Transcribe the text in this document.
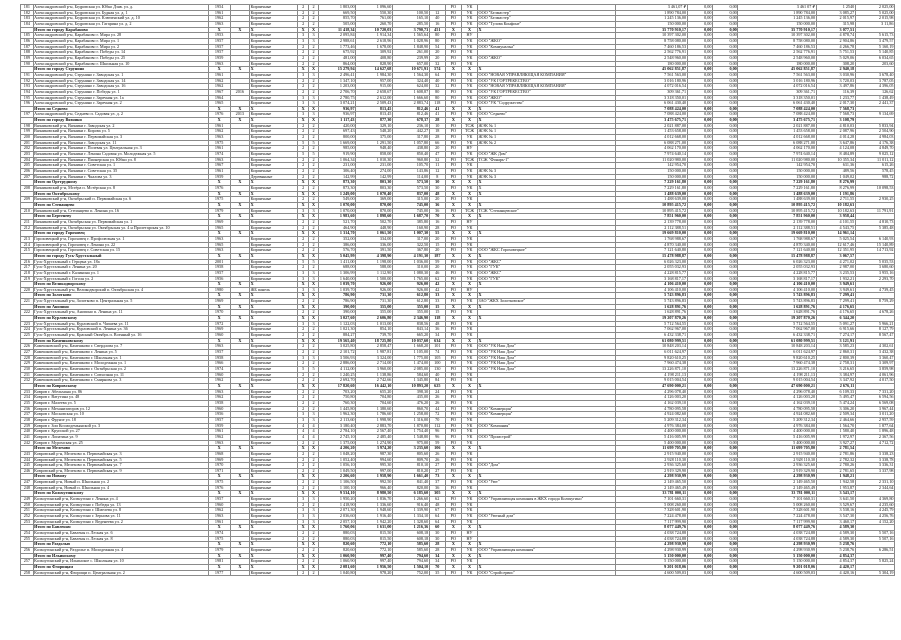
181	Александровский р-н, Бедровская ул. Юбко Дзяв. ул. д.	1954		Кирпичные	2	2	1 803,00	1 096,60			РО	УК		3 461,07 ₽	0,00	0,00	3 461 07 ₽	1 2540	2 025,00
182	Александровский р-н, Бедровская ул. Будная ул. д. 1	1961		Кирпичные	2	2	669,50	550,30	100,50	12	РО	УК	ООО "Белмастер"	1 890 784,00	0,00	0,00	1 890 784,00	3 085,27	5 025,00
183	Александровский р-н, Бедровская ул. Ключенский ул. д. 10	1962		Кирпичные	2	2	855,70	761,00	165,10	40	РО	УК	ООО "Белмастер"	1 245 136,00	0,00	0,00	1 245 136,00	2 015,97	2 015,98
184	Александровский р-н, Бедровская ул. Гагарина ул. д. 2	1963		Кирпичные	2	2	505,00	260,70	285,50	16	РО	УК	ООО "Тулова Конфоне"	150 000,00	0,00	0,00	150 000,00	315,98	3 11,86
	Итого по городу Карабаново	X	X	X	X	X	11 418,34	10 720,03	3 790,73	451	X	X	X	35 770 910,17	0,00	0,00	35 770 910,17	3 077,51	
185	Александровский р-н, Карабаново г. Мира ул. 28	1953		Кирпичные	3	3	2 095,84	1 914,34	1 565,64	80	РО	НУ		10 397 302,00	0,00	0,00	10 397 302,00	4 878,74	5 615,73
186	Александровский р-н, Карабаново г. Мира ул. 1	1957		Кирпичные	3	3	2 988,61	2 618,96	1 028,96	80	РО	УК	ООО "ЖКО"	8 758 080,00	0,00	0,00	8 758 080,00	2 904,86	3 479,57
187	Александровский р-н, Карабаново г. Мира ул. 2	1957		Кирпичные	2	2	1 773,46	1 678,00	1 848,90	54	РО	УК	ООО "Коммунальн"	7 460 186,53	0,00	0,00	7 460 186,53	4 266,78	5 160,19
188	Александровский р-н, Карабаново г. Победы ул. 14	1957		Кирпичные	2	2	675,92	309,92	261,00	20	РО	УК		2 562 776,91	0,00	0,00	2 562 776,91	5 751,53	5 140,85
189	Александровский р-н, Карабаново г. Победы ул. 25	1959		Кирпичные	2	2	481,00	408,80	239,99	20	РО	УК	ООО "ЖКО"	2 548 960,00	0,00	0,00	2 548 960,00	5 029,06	6 034,65
190	Александровский р-н, Карабаново г. Школьная ул. 10	1963		Кирпичные	2	2	864,00	828,90	657,00	32	РО	УК		180 000,00	0,00	0,00	180 000,00	308,20	203,60
	Итого по городу Струнино	X	X	X	X	X	15 279,94	14 627,68	10 671,91	574	X	X	X	45 062 851,87	0,00	0,00	45 062 851,87	2 940,18	
191	Александровский р-н, Струнино г. Заводская ул. 1	1961		Кирпичные	3	3	2 496,41	1 984,30	1 564,30	64	РО	УК	ООО "НОВАЯ УПРАВЛЯЮЩАЯ КОМПАНИЯ"	7 561 563,00	0,00	0,00	7 561 563,00	3 030,96	3 678,40
192	Александровский р-н, Струнино г. Заводская ул. 14	1962		Кирпичные	2	2	1 347,10	957,00	324,40	40	РО	УК	ООО "УК ГОРТРЕКЕСТВО"	3 016 180,96	0,00	0,00	3 016 180,96	3 720,03	3 787,05
193	Александровский р-н, Струнино г. Заводская ул. 16	1962		Кирпичные	2	2	1 203,00	915,00	624,00	32	РО	УК	ООО "НОВАЯ УПРАВЛЯЮЩАЯ КОМПАНИЯ"	4 072 016,54	0,00	0,00	4 072 016,54	3 497,86	4 396,05
194	Александровский р-н, Струнино г. Победы ул. 1	1967	2016	Кирпичные	2	2	2 706,70	2 658,67	1 608,87	80	РО	УК	ООО "УК ГОРТРЕКЕСТВО"	309 361,71	0,00	0,00	309 361,71	116,39	126,62
195	Александровский р-н, Струнино г. Заречная ул. 1а	1964		Кирпичные	3	3	2 780,75	2 612,00	1 666,60	80	РО	УК	ООО "ЖКО"	3 318 350,01	0,00	0,00	3 318 350,01	1 233,77	1 438,49
196	Александровский р-н, Струнино г. Заречная ул. 2	1965		Кирпичные	3	3	3 074,21	2 509,43	2 883,74	118	РО	УК	ООО "УК "Содружество"	6 061 430,40	0,00	0,00	6 061 430,40	2 017,30	2 441,37
	Итого по Седнево	X	X	X	X	X	936,97	813,45	812,46	41	X	X	X	7 088 424,00	0,00	0,00	7 088 424,00	7 568,73	
197	Александровский р-н, Седнево п. Садовая ул. д. 2	1976	2013	Кирпичные	3	3	936,97	813,45	812,46	41	РО	УК	ООО "Седнево"	7 088 424,00	0,00	0,00	7 088 424,00	7 568,73	9 134,69
	Итого по городу Вязники	X	X	X	X	X	1 117,43	877,30	678,37	28	X	X	X	3 475 675,71	0,00	0,00	3 475 675,71	3 108,79	
198	Вязниковский р-н, Вязники г. Заводская ул. 2	1961		Кирпичные	2	2	420,00	329,10	236,10	10	РО	ТСЖ	ЖЭК № 1	2 021 887,00	0,00	0,00	2 021 887,00	4 810,03	5 833,94
199	Вязниковский р-н, Вязники г. Кирова ул. 5	1962		Кирпичные	2	2	697,43	548,20	442,27	18	РО	ТСЖ	ЖЭК № 1	1 453 658,00	0,00	0,00	1 453 658,00	2 087,96	2 504,90
200	Вязниковский р-н, Вязники г. Первомайская ул. 3	1963		Кирпичные	2	2	800,00	375,00	317,80	28	РО	УК	ЖЭК № 1	4 012 668,00	0,00	0,00	4 012 668,00	4 014,28	4 984,03
201	Вязниковский р-н, Вязники г. Заводская ул. 11	1975		Кирпичные	5	5	1 669,00	1 291,50	1 057,80	66	РО	УК	ЖЭК № 2	6 088 271,00	0,00	0,00	6 088 271,00	3 647,86	4 176,38
202	Вязниковский р-н, Вязники г. Полевая ул. Центральная ул. 3	1961		Кирпичные	2	2	985,00	948,40	438,80	20	РО	НУ		4 062 170,00	0,00	0,00	4 062 170,00	4 124,08	4 849,70
203	Вязниковский р-н, Вязники г. Ленина Садовая ул. Молодежная ул. 5	1974		Кирпичные	5	5	919,90	858,00	850,40	47	РО	УК	ООО "ЖК Дом"	7 974 640,14	0,00	0,00	7 974 640,14	8 484,89	9 025,12
204	Вязниковский р-н, Вязники г. Пионерская ул. Юбки ул. 8	1963		Кирпичные	2	2	1 064,34	1 010,30	960,80	32	РО	ТСЖ	ТСЖ "Фонарь-1"	11 020 980,00	0,00	0,00	11 020 980,00	10 355,34	11 011,12
205	Вязниковский р-н, Вязники г. Советская ул. 1	1967		Кирпичные	2	2	231,00	231,00	105,70	11	РО	УК		142 954,70	0,00	0,00	142 954,70	631,36	615,26
206	Вязниковский р-н, Вязники г. Советская ул. 35	1961		Кирпичные	2	2	306,40	274,00	143,86	12	РО	УК	ЖЭК № 3	150 000,00	0,00	0,00	150 000,00	489,56	578,45
207	Вязниковский р-н, Вязники г. Чкалова ул. 3	1959		Деревянные	2	2	142,99	142,99	114,00	8	РО	УК	ЖЭК № 3	150 000,00	0,00	0,00	150 000,00	1 049,02	988,72
	Итого по Оргтрудному	X	X	X	X	X	873,30	803,30	573,50	30	X	X	X	7 229 161,80	0,00	0,00	7 229 161,80	8 276,99	
208	Вязниковский р-н, Мстёра п. Мстёрская ул. 8	1976		Кирпичные	2	2	873,30	803,30	573,50	30	РО	УК	X	7 229 161,80	0,00	0,00	7 229 161,80	8 276,99	10 098,53
	Итого по Октябрьскому	X	X	X	X	X	1 249,00	1 070,40	837,00	48	X	X	X	1 488 639,00	0,00	0,00	1 488 639,00	1 191,86	
209	Вязниковский р-н, Октябрьский п. Первомайская ул. 6	1975		Кирпичные	2	2	549,00	369,00	315,00	20	РО	УК		1 488 639,00	0,00	0,00	1 488 639,00	2 711,55	2 930,25
	Итого по Степанцево	X	X	X	X	X	1 070,00	870,00	745,00	36	X	X	X	10 895 415,72	0,00	0,00	10 895 415,72	10 182,63	
210	Вязниковский р-н, Степанцево п. Ленина ул. 16	1979		Кирпичные	3	3	1 070,00	870,00	745,00	36	РО	ТСЖ	ТСЖ "Степанцевское"	10 895 415,72	0,00	0,00	10 895 415,72	10 182,63	11 791,91
	Итого по Бертеневу	X	X	X	X	X	1 983,60	1 898,60	1 687,70	70	X	X	X	7 851 960,00	0,00	0,00	7 851 960,00	3 958,44	
211	Вязниковский р-н, Октябрьская ул. Первомайская ул. 1	1969		Кирпичные	2	2	521,70	502,70	385,80	16	РО	НУ		2 139 778,00	0,00	0,00	2 139 778,00	4 101,55	4 810,73
212	Вязниковский р-н, Октябрьская ул. Октябрьская ул. 4 н Пролетарская ул. 10	1965		Кирпичные	2	2	464,90	448,90	160,90	28	РО	УК		2 112 388,51	0,00	0,00	2 112 388,51	4 543,75	5 385,48
	Итого по городу Гороховец	X	X	X	X	X	1 314,70	1 061,50	1 007,30	55	X	X	X	19 669 810,00	0,00	0,00	19 669 810,00	14 961,14	
213	Гороховецкий р-н, Гороховец г. Профсоюзная ул. 1	1963		Кирпичные	2	2	352,00	334,00	317,00	20	РО	УК		1 768 988,67	0,00	0,00	1 768 988,67	5 025,54	6 140,93
214	Гороховецкий р-н, Гороховец г. Ленина ул. 22	1965		Кирпичные	2	2	386,00	336,00	322,50	15	РО	УК		4 870 340,00	0,00	0,00	4 870 340,00	12 617,46	15 140,89
215	Гороховецкий р-н, Гороховец г. Советская ул. 15	1963		Кирпичные	2	2	576,70	391,50	367,80	20	РО	УК	ООО "ЖКС Гороховецкое"	7 121 640,80	0,00	0,00	7 121 640,80	12 351,95	14 713,92
	Итого по городу Гусь-Хрустальный	X	X	X	X	X	5 045,99	4 398,90	4 191,30	187	X	X	X	15 478 988,87	0,00	0,00	15 478 988,87	3 067,57	
216	Гусь-Хрустальный г. Герцена ул. 18а	2001		Кирпичные	5	5	1 411,00	1 198,00	1 036,00	59	РО	УК	ООО "ЖКС"	6 026 323,00	0,00	0,00	6 026 323,00	4 271,02	5 035,53
217	Гусь-Хрустальный г. Ленина ул. 20	1958		Кирпичные	2	2	688,00	588,00	310,00	20	РО	УК	ООО "ГУК"	2 055 032,93	0,00	0,00	2 055 032,93	2 987,00	3 680,60
218	Гусь-Хрустальный г. Калинина ул. 1	1957		Кирпичные	3	3	1 306,99	1 112,90	1 080,30	46	РО	УК	ООО "ЖКС"	4 228 815,77	0,00	0,00	4 228 815,77	3 235,53	3 955,16
219	Гусь-Хрустальный г. Гоголя ул. 2	1956		Кирпичные	3	3	1 640,00	1 500,00	1 765,00	62	РО	УК	ООО "ГУК"	3 168 817,17	0,00	0,00	3 168 817,17	1 932,21	2 293,70
	Итого по Великодворскому	X	X	X	X	X	1 039,70	926,00	926,00	42	X	X	X	4 106 410,00	0,00	0,00	4 106 410,00	3 949,61	
220	Гусь-Хрустальный р-н, Великодворский п. Октябрьская ул. 4	1980		ЖБ панель	3	3	1 039,70	926,00	926,00	42	РО	НУ		4 106 410,00	0,00	0,00	4 106 410,00	3 949,61	4 739,45
	Итого по Золотково	X	X	X	X	X	786,90	731,30	612,80	33	X	X	X	5 743 896,83	0,00	0,00	5 743 896,83	7 299,41	
221	Гусь-Хрустальный р-н, Золотково п. Центральная ул. 5	1969		Кирпичные	2	2	786,90	731,30	612,80	33	РО	УК	ЗАО "ЖКХ Золотковское"	5 743 896,83	0,00	0,00	5 743 896,83	7 299,41	8 759,29
	Итого по Анопино	X	X	X	X	X	390,00	355,00	355,00	15	X	X	X	1 628 891,76	0,00	0,00	1 628 891,76	4 176,65	
222	Гусь-Хрустальный р-н, Анопино п. Ленина ул. 11	1970		Кирпичные	2	2	390,00	355,00	355,00	15	РО	УК		1 628 891,76	0,00	0,00	1 628 891,76	4 176,65	4 678,26
	Итого по Курловскому	X	X	X	X	X	3 027,60	2 606,80	2 346,90	118	X	X	X	19 207 870,26	0,00	0,00	19 207 870,26	6 344,20	
223	Гусь-Хрустальный р-н, Курловский п. Чапаева ул. 11	1972		Кирпичные	3	3	1 122,03	1 013,00	838,56	48	РО	УК		5 712 564,55	0,00	0,00	5 712 564,55	5 091,27	5 966,21
224	Гусь-Хрустальный р-н, Курловский п. Ленина ул. 36	1969		Кирпичные	2	2	1 021,30	854,10	843,14	36	РО	УК		7 062 967,00	0,00	0,00	7 062 967,00	6 915,66	8 127,79
225	Гусь-Хрустальный р-н, Красный Октябрь п. Военный ул. 16	1960		Кирпичные	2	2	884,27	739,70	665,20	34	РО	УК		6 432 338,71	0,00	0,00	6 432 338,71	7 274,17	8 567,47
	Итого по Камешковскому	X	X	X	X	X	19 565,40	18 725,80	10 037,60	634	X	X	X	61 080 999,51	0,00	0,00	61 080 999,51	3 121,91	
226	Камешковский р-н, Камешково г. Свердлова ул. 7	1963		Кирпичные	2	2	3 025,80	2 858,47	1 668,20	101	РО	УК	ООО "УК Наш Дом"	10 848 203,14	0,00	0,00	10 848 203,14	3 585,23	4 302,61
227	Камешковский р-н, Камешково г. Ленина ул. 5	1957		Кирпичные	2	2	2 101,72	1 987,81	1 105,00	74	РО	УК	ООО "УК Наш Дом"	6 011 624,97	0,00	0,00	6 011 624,97	2 860,31	3 432,38
228	Камешковский р-н, Камешково г. Школьная ул. 1	1958		Кирпичные	3	3	3 506,93	3 324,00	1 775,00	105	РО	УК	ООО "УК Наш Дом"	9 820 610,25	0,00	0,00	9 820 610,25	2 800,39	3 360,47
229	Камешковский р-н, Камешково г. Молодежная ул. 1	1966		Кирпичные	2	2	2 886,00	2 714,00	1 474,00	100	РО	УК	ООО "УК Наш Дом"	7 960 474,38	0,00	0,00	7 960 474,38	2 758,31	3 309,97
230	Камешковский р-н, Камешково г. Октябрьская ул. 2	1974		Кирпичные	5	5	4 112,00	3 960,00	2 085,00	130	РО	УК	ООО "УК Наш Дом"	13 226 871,10	0,00	0,00	13 226 871,10	3 216,65	3 859,98
231	Камешковский р-н, Камешково г. Совхозная ул. 11	1960		Кирпичные	2	2	1 240,25	1 138,86	584,60	40	РО	УК		4 198 211,13	0,00	0,00	4 198 211,13	3 384,97	4 061,96
232	Камешковский р-н, Камешково г. Смирнова ул. 3	1962		Кирпичные	2	2	2 692,70	2 742,66	1 345,80	84	РО	УК		9 015 004,54	0,00	0,00	9 015 004,54	3 347,92	4 017,50
	Итого по Ковровскому	X	X	X	X	X	17 820,60	16 442,10	10 893,20	625	X	X	X	47 690 000,21	0,00	0,00	47 690 000,21	2 676,11	
233	Ковров г. Абельмана ул. 86	1963		Кирпичные	2	2	703,20	655,20	398,30	24	РО	УК		4 296 078,40	0,00	0,00	4 296 078,40	6 109,33	7 331,20
234	Ковров г. Ватутина ул. 48	1962		Кирпичные	2	2	750,80	704,80	435,00	26	РО	УК		4 126 003,20	0,00	0,00	4 126 003,20	5 495,47	6 594,56
235	Ковров г. Малеева ул. 5	1958		Кирпичные	2	2	760,30	704,60	476,20	26	РО	УК		4 162 039,10	0,00	0,00	4 162 039,10	5 474,24	6 569,08
236	Ковров г. Механизаторов ул. 12	1960		Кирпичные	2	2	1 445,80	1 380,60	860,70	44	РО	УК	ООО "Коммерция"	4 780 095,58	0,00	0,00	4 780 095,58	3 306,20	3 967,44
237	Ковров г. Московская ул. 10	1956		Кирпичные	3	3	1 962,30	1 786,60	1 258,00	72	РО	УК	ООО "Коммерция"	4 924 082,60	0,00	0,00	4 924 082,60	2 509,34	3 011,20
238	Ковров г. Фрунзе ул. 18	1957		Кирпичные	3	3	2 113,60	1 998,90	1 316,00	70	РО	УК		5 209 312,34	0,00	0,00	5 209 312,34	2 464,66	2 957,59
239	Ковров г. Зои Космодемьянской ул. 3	1959		Кирпичные	4	4	3 180,40	2 883,70	1 870,80	112	РО	УК	ООО "Компания"	4 976 384,00	0,00	0,00	4 976 384,00	1 564,70	1 877,64
240	Ковров г. Крупской ул. 27	1961		Кирпичные	4	4	2 784,10	2 567,40	1 754,40	96	РО	УК		4 400 000,00	0,00	0,00	4 400 000,00	1 580,40	1 896,48
241	Ковров г. Лопатина ул. 9	1962		Кирпичные	4	4	2 745,10	2 485,40	1 548,80	96	РО	УК	ООО "Промстрой"	5 416 005,99	0,00	0,00	5 416 005,99	1 972,97	2 367,56
242	Ковров г. Муромская ул. 25	1963		Кирпичные	2	2	1 375,00	1 274,90	975,00	59	РО	УК		5 400 000,00	0,00	0,00	5 400 000,00	3 927,27	4 712,72
	Итого по Мелехово	X	X	X	X	X	4 206,20	3 974,20	3 235,60	106	X	X	X	11 699 705,80	0,00	0,00	11 699 705,80	2 781,54	
243	Ковровский р-н, Мелехово п. Первомайская ул. 3	1968		Кирпичные	2	2	1 048,20	987,30	805,60	26	РО	УК		2 915 940,00	0,00	0,00	2 915 940,00	2 781,86	3 338,23
244	Ковровский р-н, Мелехово п. Первомайская ул. 5	1969		Кирпичные	2	2	1 052,40	994,60	809,70	26	РО	УК		2 928 110,30	0,00	0,00	2 928 110,30	2 782,32	3 338,78
245	Ковровский р-н, Мелехово п. Первомайская ул. 7	1970		Кирпичные	2	2	1 056,10	995,30	810,10	27	РО	УК	ООО "Дом"	2 936 325,60	0,00	0,00	2 936 325,60	2 780,26	3 336,31
246	Ковровский р-н, Мелехово п. Первомайская ул. 9	1971		Кирпичные	2	2	1 049,50	997,00	810,20	27	РО	УК		2 919 329,90	0,00	0,00	2 919 329,90	2 781,65	3 337,98
	Итого по Новому	X	X	X	X	X	2 206,60	1 958,90	1 661,40	73	X	X	X	4 298 930,99	0,00	0,00	4 298 930,99	1 948,21	
247	Ковровский р-н, Новый п. Школьная ул. 2	1975		Кирпичные	2	2	1 106,50	992,50	841,40	37	РО	УК	ООО "Уют"	2 149 465,50	0,00	0,00	2 149 465,50	1 942,58	2 331,10
248	Ковровский р-н, Новый п. Школьная ул. 4	1976		Кирпичные	2	2	1 100,10	966,40	820,00	36	РО	УК		2 149 465,49	0,00	0,00	2 149 465,49	1 953,87	2 344,64
	Итого по Кольчугинскому	X	X	X	X	X	9 534,10	8 980,50	6 185,60	305	X	X	X	33 781 000,11	0,00	0,00	33 781 000,11	3 543,17	
249	Кольчугинский р-н, Кольчугино г. Ленина ул. 4	1957		Кирпичные	3	3	1 950,20	1 836,70	1 266,60	62	РО	УК	ООО "Управляющая компания в ЖКХ города Кольчугино"	7 101 660,31	0,00	0,00	7 101 660,31	3 641,50	4 369,80
250	Кольчугинский р-н, Кольчугино г. Победы ул. 13	1960		Кирпичные	2	2	1 418,90	1 336,60	916,40	48	РО	УК		5 008 260,00	0,00	0,00	5 008 260,00	3 529,67	4 235,60
251	Кольчугинский р-н, Кольчугино г. Шмелева ул. 8	1962		Кирпичные	3	3	2 071,30	1 948,60	1 339,90	67	РО	УК		7 328 601,90	0,00	0,00	7 328 601,90	3 538,16	4 245,79
252	Кольчугинский р-н, Кольчугино г. Зернова ул. 11	1963		Кирпичные	3	3	2 036,60	1 916,40	1 334,10	64	РО	УК	ООО "Уютный дом"	7 224 478,00	0,00	0,00	7 224 478,00	3 547,30	4 256,76
253	Кольчугинский р-н, Кольчугино г. Веденеева ул. 2	1961		Кирпичные	3	3	2 057,10	1 942,20	1 328,60	64	РО	УК		7 117 999,90	0,00	0,00	7 117 999,90	3 460,17	4 152,20
	Итого по Бавленам	X	X	X	X	X	1 760,06	1 631,00	1 216,36	60	X	X	X	8 077 449,76	0,00	0,00	8 077 449,76	4 589,30	
254	Кольчугинский р-н, Бавлены п. Лесная ул. 6	1974		Кирпичные	2	2	880,03	815,50	608,18	30	РО	НУ		4 038 724,88	0,00	0,00	4 038 724,88	4 589,30	5 507,16
255	Кольчугинский р-н, Бавлены п. Лесная ул. 8	1975		Кирпичные	2	2	880,03	815,50	608,18	30	РО	НУ		4 038 724,88	0,00	0,00	4 038 724,88	4 589,30	5 507,16
	Итого по Раздолью	X	X	X	X	X	820,60	772,10	585,60	28	X	X	X	4 298 930,99	0,00	0,00	4 298 930,99	5 238,76	
256	Кольчугинский р-н, Раздолье п. Молодежная ул. 4	1979		Кирпичные	2	2	820,60	772,10	585,60	28	РО	УК	ООО "Управляющая компания"	4 298 930,99	0,00	0,00	4 298 930,99	5 238,76	6 286,51
	Итого по Ильинскому	X	X	X	X	X	1 060,90	997,40	794,60	34	X	X	X	5 150 000,00	0,00	0,00	5 150 000,00	4 854,37	
257	Кольчугинский р-н, Ильинское с. Школьная ул. 10	1981		Кирпичные	2	2	1 060,90	997,40	794,60	34	РО	УК		5 150 000,00	0,00	0,00	5 150 000,00	4 854,37	5 825,24
	Итого по Флорищам	X	X	X	X	X	2 081,60	1 956,50	1 504,10	70	X	X	X	9 201 018,06	0,00	0,00	9 201 018,06	4 420,17	
258	Кольчугинский р-н, Флорищи п. Центральная ул. 2	1977		Кирпичные	2	2	1 040,80	978,20	752,00	35	РО	УК	ООО "Стройсервис"	4 600 509,03	0,00	0,00	4 600 509,03	4 420,16	5 304,19
